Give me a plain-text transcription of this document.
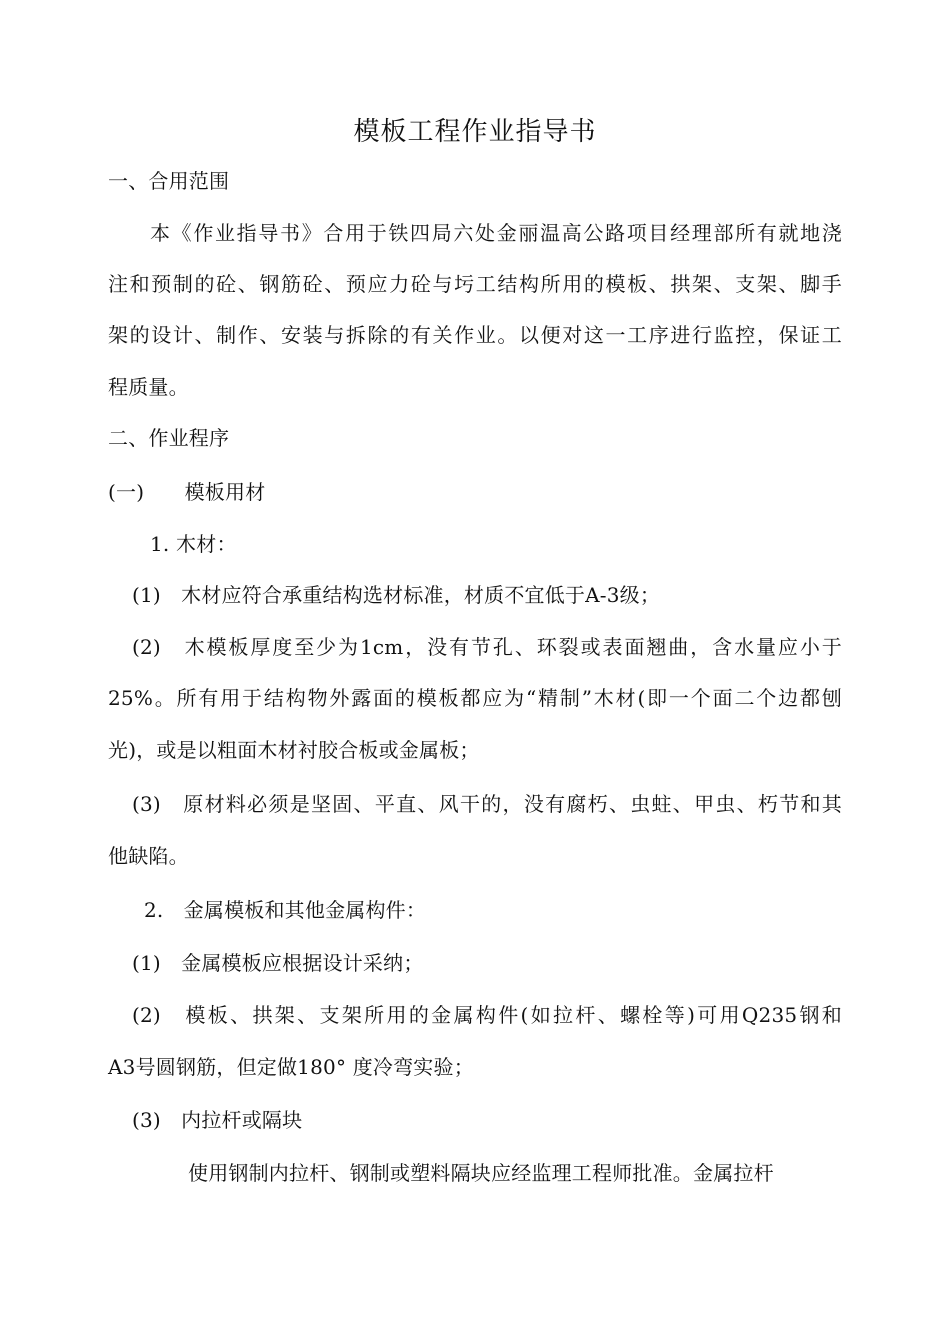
模板工程作业指导书
一、合用范围
本《作业指导书》合用于铁四局六处金丽温高公路项目经理部所有就地浇
注和预制的砼、钢筋砼、预应力砼与圬工结构所用的模板、拱架、支架、脚手
架的设计、制作、安装与拆除的有关作业。以便对这一工序进行监控，保证工
程质量。
二、作业程序
(一)　　模板用材
1. 木材：
(1)　木材应符合承重结构选材标准，材质不宜低于A-3级；
(2)　木模板厚度至少为1cm，没有节孔、环裂或表面翘曲，含水量应小于
25%。所有用于结构物外露面的模板都应为“精制”木材(即一个面二个边都刨
光)，或是以粗面木材衬胶合板或金属板；
(3)　原材料必须是坚固、平直、风干的，没有腐朽、虫蛀、甲虫、朽节和其
他缺陷。
2.　金属模板和其他金属构件：
(1)　金属模板应根据设计采纳；
(2)　模板、拱架、支架所用的金属构件(如拉杆、螺栓等)可用Q235钢和
A3号圆钢筋，但定做180° 度冷弯实验；
(3)　内拉杆或隔块
使用钢制内拉杆、钢制或塑料隔块应经监理工程师批准。金属拉杆
